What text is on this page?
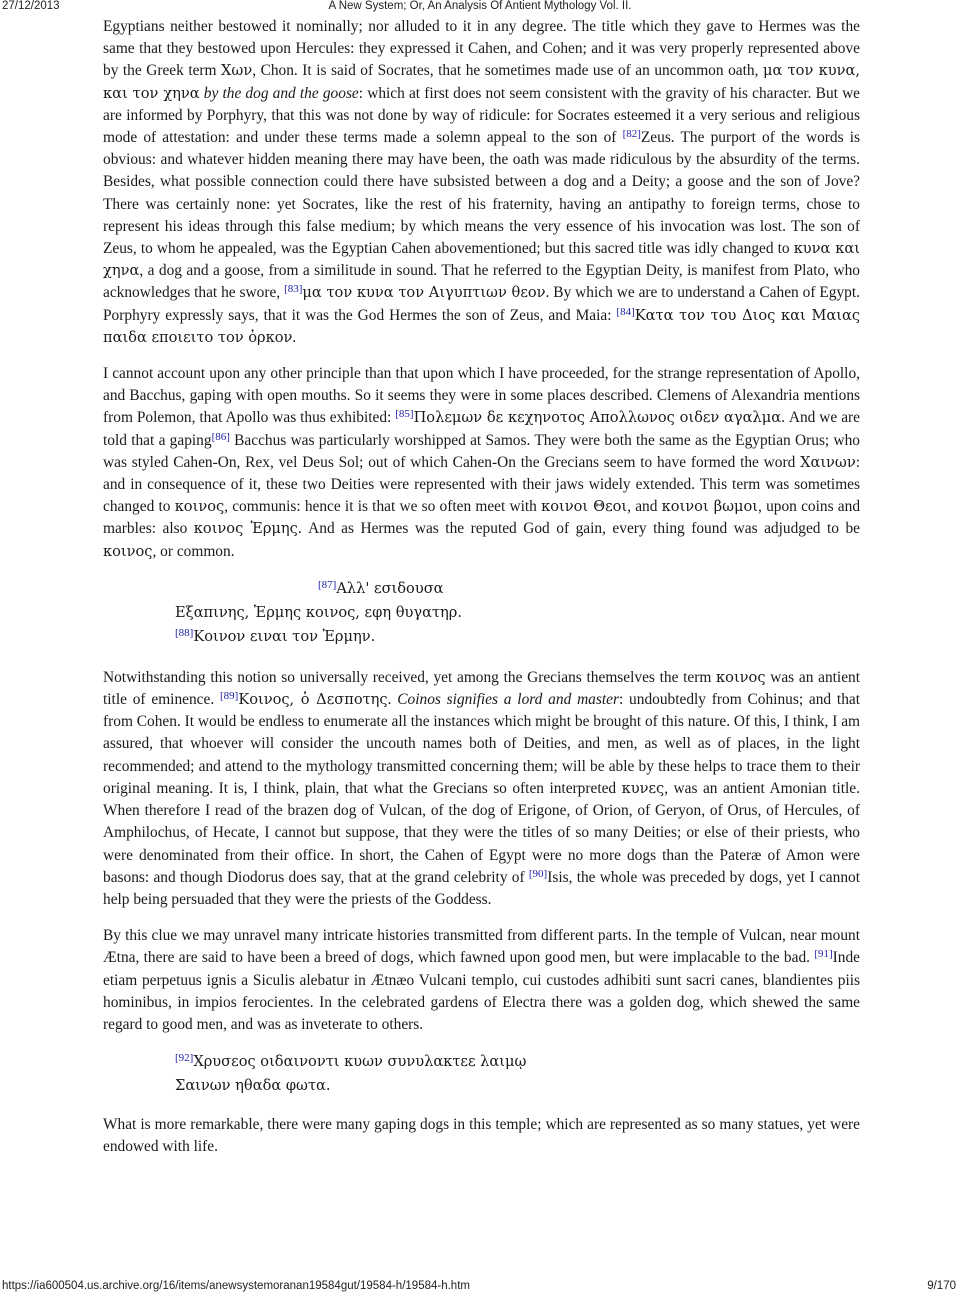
27/12/2013	A New System; Or, An Analysis Of Antient Mythology Vol. II.

Egyptians neither bestowed it nominally; nor alluded to it in any degree. The title which they gave to Hermes was the same that they bestowed upon Hercules: they expressed it Cahen, and Cohen; and it was very properly represented above by the Greek term Χων, Chon. It is said of Socrates, that he sometimes made use of an uncommon oath, μα τον κυνα, και τον χηνα by the dog and the goose: which at first does not seem consistent with the gravity of his character. But we are informed by Porphyry, that this was not done by way of ridicule: for Socrates esteemed it a very serious and religious mode of attestation: and under these terms made a solemn appeal to the son of [82]Zeus. The purport of the words is obvious: and whatever hidden meaning there may have been, the oath was made ridiculous by the absurdity of the terms. Besides, what possible connection could there have subsisted between a dog and a Deity; a goose and the son of Jove? There was certainly none: yet Socrates, like the rest of his fraternity, having an antipathy to foreign terms, chose to represent his ideas through this false medium; by which means the very essence of his invocation was lost. The son of Zeus, to whom he appealed, was the Egyptian Cahen abovementioned; but this sacred title was idly changed to κυνα και χηνα, a dog and a goose, from a similitude in sound. That he referred to the Egyptian Deity, is manifest from Plato, who acknowledges that he swore, [83]μα τον κυνα τον Αιγυπτιων θεον. By which we are to understand a Cahen of Egypt. Porphyry expressly says, that it was the God Hermes the son of Zeus, and Maia: [84]Κατα τον του Διος και Μαιας παιδα εποιειτο τον ὁρκον.

I cannot account upon any other principle than that upon which I have proceeded, for the strange representation of Apollo, and Bacchus, gaping with open mouths. So it seems they were in some places described. Clemens of Alexandria mentions from Polemon, that Apollo was thus exhibited: [85]Πολεμων δε κεχηνοτος Απολλωνος οιδεν αγαλμα. And we are told that a gaping[86] Bacchus was particularly worshipped at Samos. They were both the same as the Egyptian Orus; who was styled Cahen-On, Rex, vel Deus Sol; out of which Cahen-On the Grecians seem to have formed the word Χαινων: and in consequence of it, these two Deities were represented with their jaws widely extended. This term was sometimes changed to κοινος, communis: hence it is that we so often meet with κοινοι Θεοι, and κοινοι βωμοι, upon coins and marbles: also κοινος Ἑρμης. And as Hermes was the reputed God of gain, every thing found was adjudged to be κοινος, or common.

[87]Αλλ' εσιδουσα
Εξαπινης, Ἑρμης κοινος, εφη θυγατηρ.
[88]Κοινον ειναι τον Ἑρμην.

Notwithstanding this notion so universally received, yet among the Grecians themselves the term κοινος was an antient title of eminence. [89]Κοινος, ὁ Δεσποτης. Coinos signifies a lord and master: undoubtedly from Cohinus; and that from Cohen. It would be endless to enumerate all the instances which might be brought of this nature. Of this, I think, I am assured, that whoever will consider the uncouth names both of Deities, and men, as well as of places, in the light recommended; and attend to the mythology transmitted concerning them; will be able by these helps to trace them to their original meaning. It is, I think, plain, that what the Grecians so often interpreted κυνες, was an antient Amonian title. When therefore I read of the brazen dog of Vulcan, of the dog of Erigone, of Orion, of Geryon, of Orus, of Hercules, of Amphilochus, of Hecate, I cannot but suppose, that they were the titles of so many Deities; or else of their priests, who were denominated from their office. In short, the Cahen of Egypt were no more dogs than the Pateræ of Amon were basons: and though Diodorus does say, that at the grand celebrity of [90]Isis, the whole was preceded by dogs, yet I cannot help being persuaded that they were the priests of the Goddess.

By this clue we may unravel many intricate histories transmitted from different parts. In the temple of Vulcan, near mount Ætna, there are said to have been a breed of dogs, which fawned upon good men, but were implacable to the bad. [91]Inde etiam perpetuus ignis a Siculis alebatur in Ætnæo Vulcani templo, cui custodes adhibiti sunt sacri canes, blandientes piis hominibus, in impios ferocientes. In the celebrated gardens of Electra there was a golden dog, which shewed the same regard to good men, and was as inveterate to others.

[92]Χρυσεος οιδαινοντι κυων συνυλακτεε λαιμῳ
Σαινων ηθαδα φωτα.

What is more remarkable, there were many gaping dogs in this temple; which are represented as so many statues, yet were endowed with life.

https://ia600504.us.archive.org/16/items/anewsystemoranan19584gut/19584-h/19584-h.htm	9/170
